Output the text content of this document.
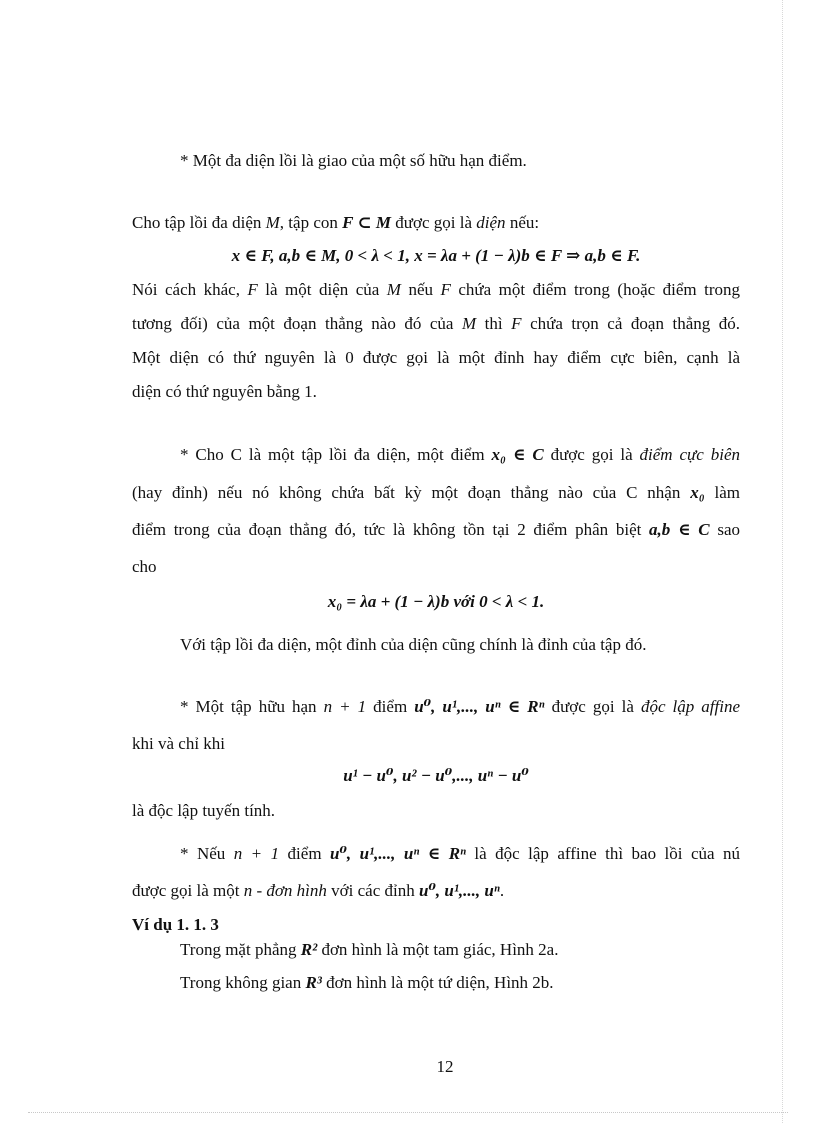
* Một đa diện lồi là giao của một số hữu hạn điểm.
Cho tập lồi đa diện M, tập con F ⊂ M được gọi là diện nếu:
x ∈ F, a,b ∈ M, 0 < λ < 1, x = λa + (1 − λ)b ∈ F ⇒ a,b ∈ F.
Nói cách khác, F là một diện của M nếu F chứa một điểm trong (hoặc điểm trong
tương đối) của một đoạn thẳng nào đó của M thì F chứa trọn cả đoạn thẳng đó.
Một diện có thứ nguyên là 0 được gọi là một đỉnh hay điểm cực biên, cạnh là
diện có thứ nguyên bằng 1.
* Cho C là một tập lồi đa diện, một điểm x₀ ∈ C được gọi là điểm cực biên
(hay đỉnh) nếu nó không chứa bất kỳ một đoạn thẳng nào của C nhận x₀ làm
điểm trong của đoạn thẳng đó, tức là không tồn tại 2 điểm phân biệt a,b ∈ C sao
cho
x₀ = λa + (1 − λ)b với 0 < λ < 1.
Với tập lồi đa diện, một đỉnh của diện cũng chính là đỉnh của tập đó.
* Một tập hữu hạn n + 1 điểm u⁰, u¹,..., uⁿ ∈ Rⁿ được gọi là độc lập affine
khi và chỉ khi
u¹ − u⁰, u² − u⁰,..., uⁿ − u⁰
là độc lập tuyến tính.
* Nếu n + 1 điểm u⁰, u¹,..., uⁿ ∈ Rⁿ là độc lập affine thì bao lồi của nú
được gọi là một n - đơn hình với các đỉnh u⁰, u¹,..., uⁿ.
Ví dụ 1. 1. 3
Trong mặt phẳng R² đơn hình là một tam giác, Hình 2a.
Trong không gian R³ đơn hình là một tứ diện, Hình 2b.
12
